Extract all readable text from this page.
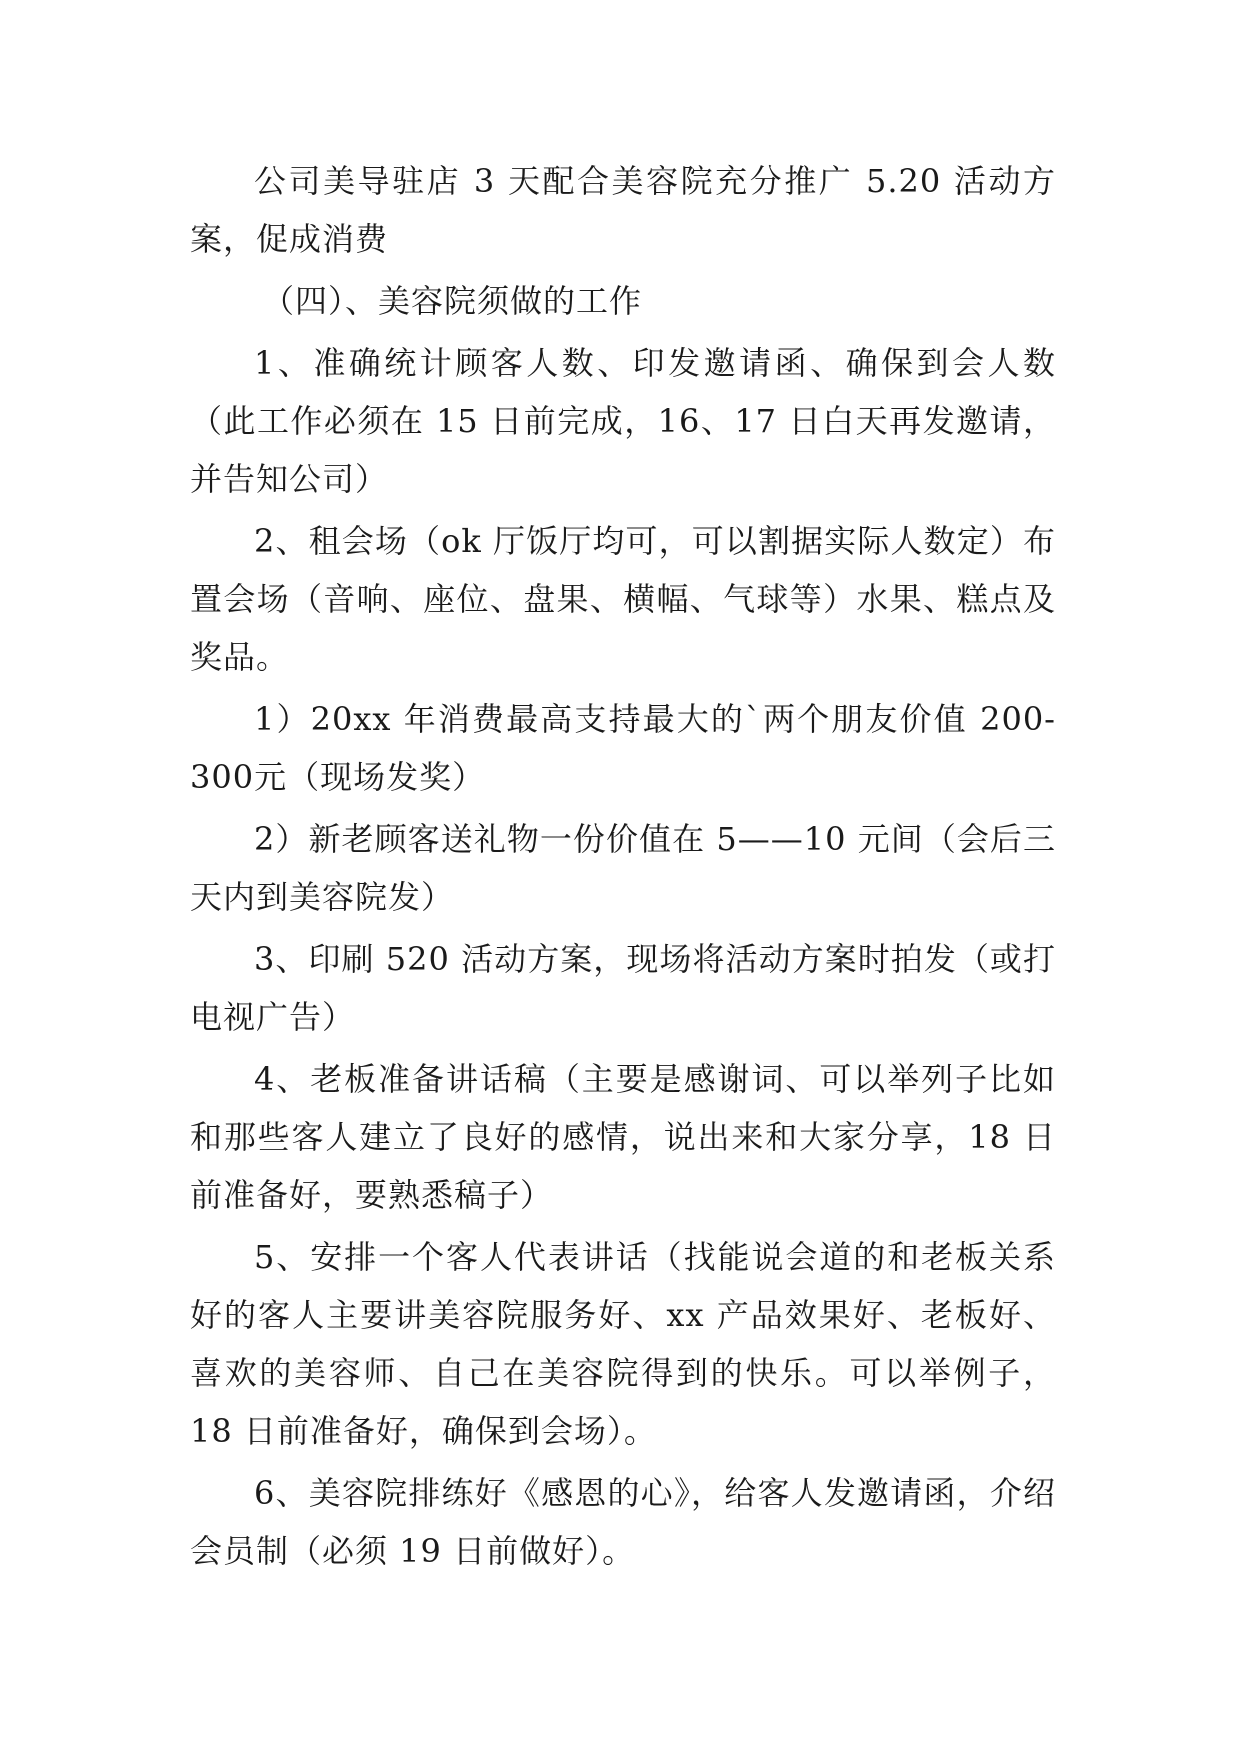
公司美导驻店 3 天配合美容院充分推广 5.20 活动方案，促成消费

（四）、美容院须做的工作

1、准确统计顾客人数、印发邀请函、确保到会人数（此工作必须在 15 日前完成，16、17 日白天再发邀请，并告知公司）

2、租会场（ok 厅饭厅均可，可以割据实际人数定）布置会场（音响、座位、盘果、横幅、气球等）水果、糕点及奖品。

1）20xx 年消费最高支持最大的`两个朋友价值 200-300元（现场发奖）

2）新老顾客送礼物一份价值在 5——10 元间（会后三天内到美容院发）

3、印刷 520 活动方案，现场将活动方案时拍发（或打电视广告）

4、老板准备讲话稿（主要是感谢词、可以举列子比如和那些客人建立了良好的感情，说出来和大家分享，18 日前准备好，要熟悉稿子）

5、安排一个客人代表讲话（找能说会道的和老板关系好的客人主要讲美容院服务好、xx 产品效果好、老板好、喜欢的美容师、自己在美容院得到的快乐。可以举例子，18 日前准备好，确保到会场）。

6、美容院排练好《感恩的心》，给客人发邀请函，介绍会员制（必须 19 日前做好）。
